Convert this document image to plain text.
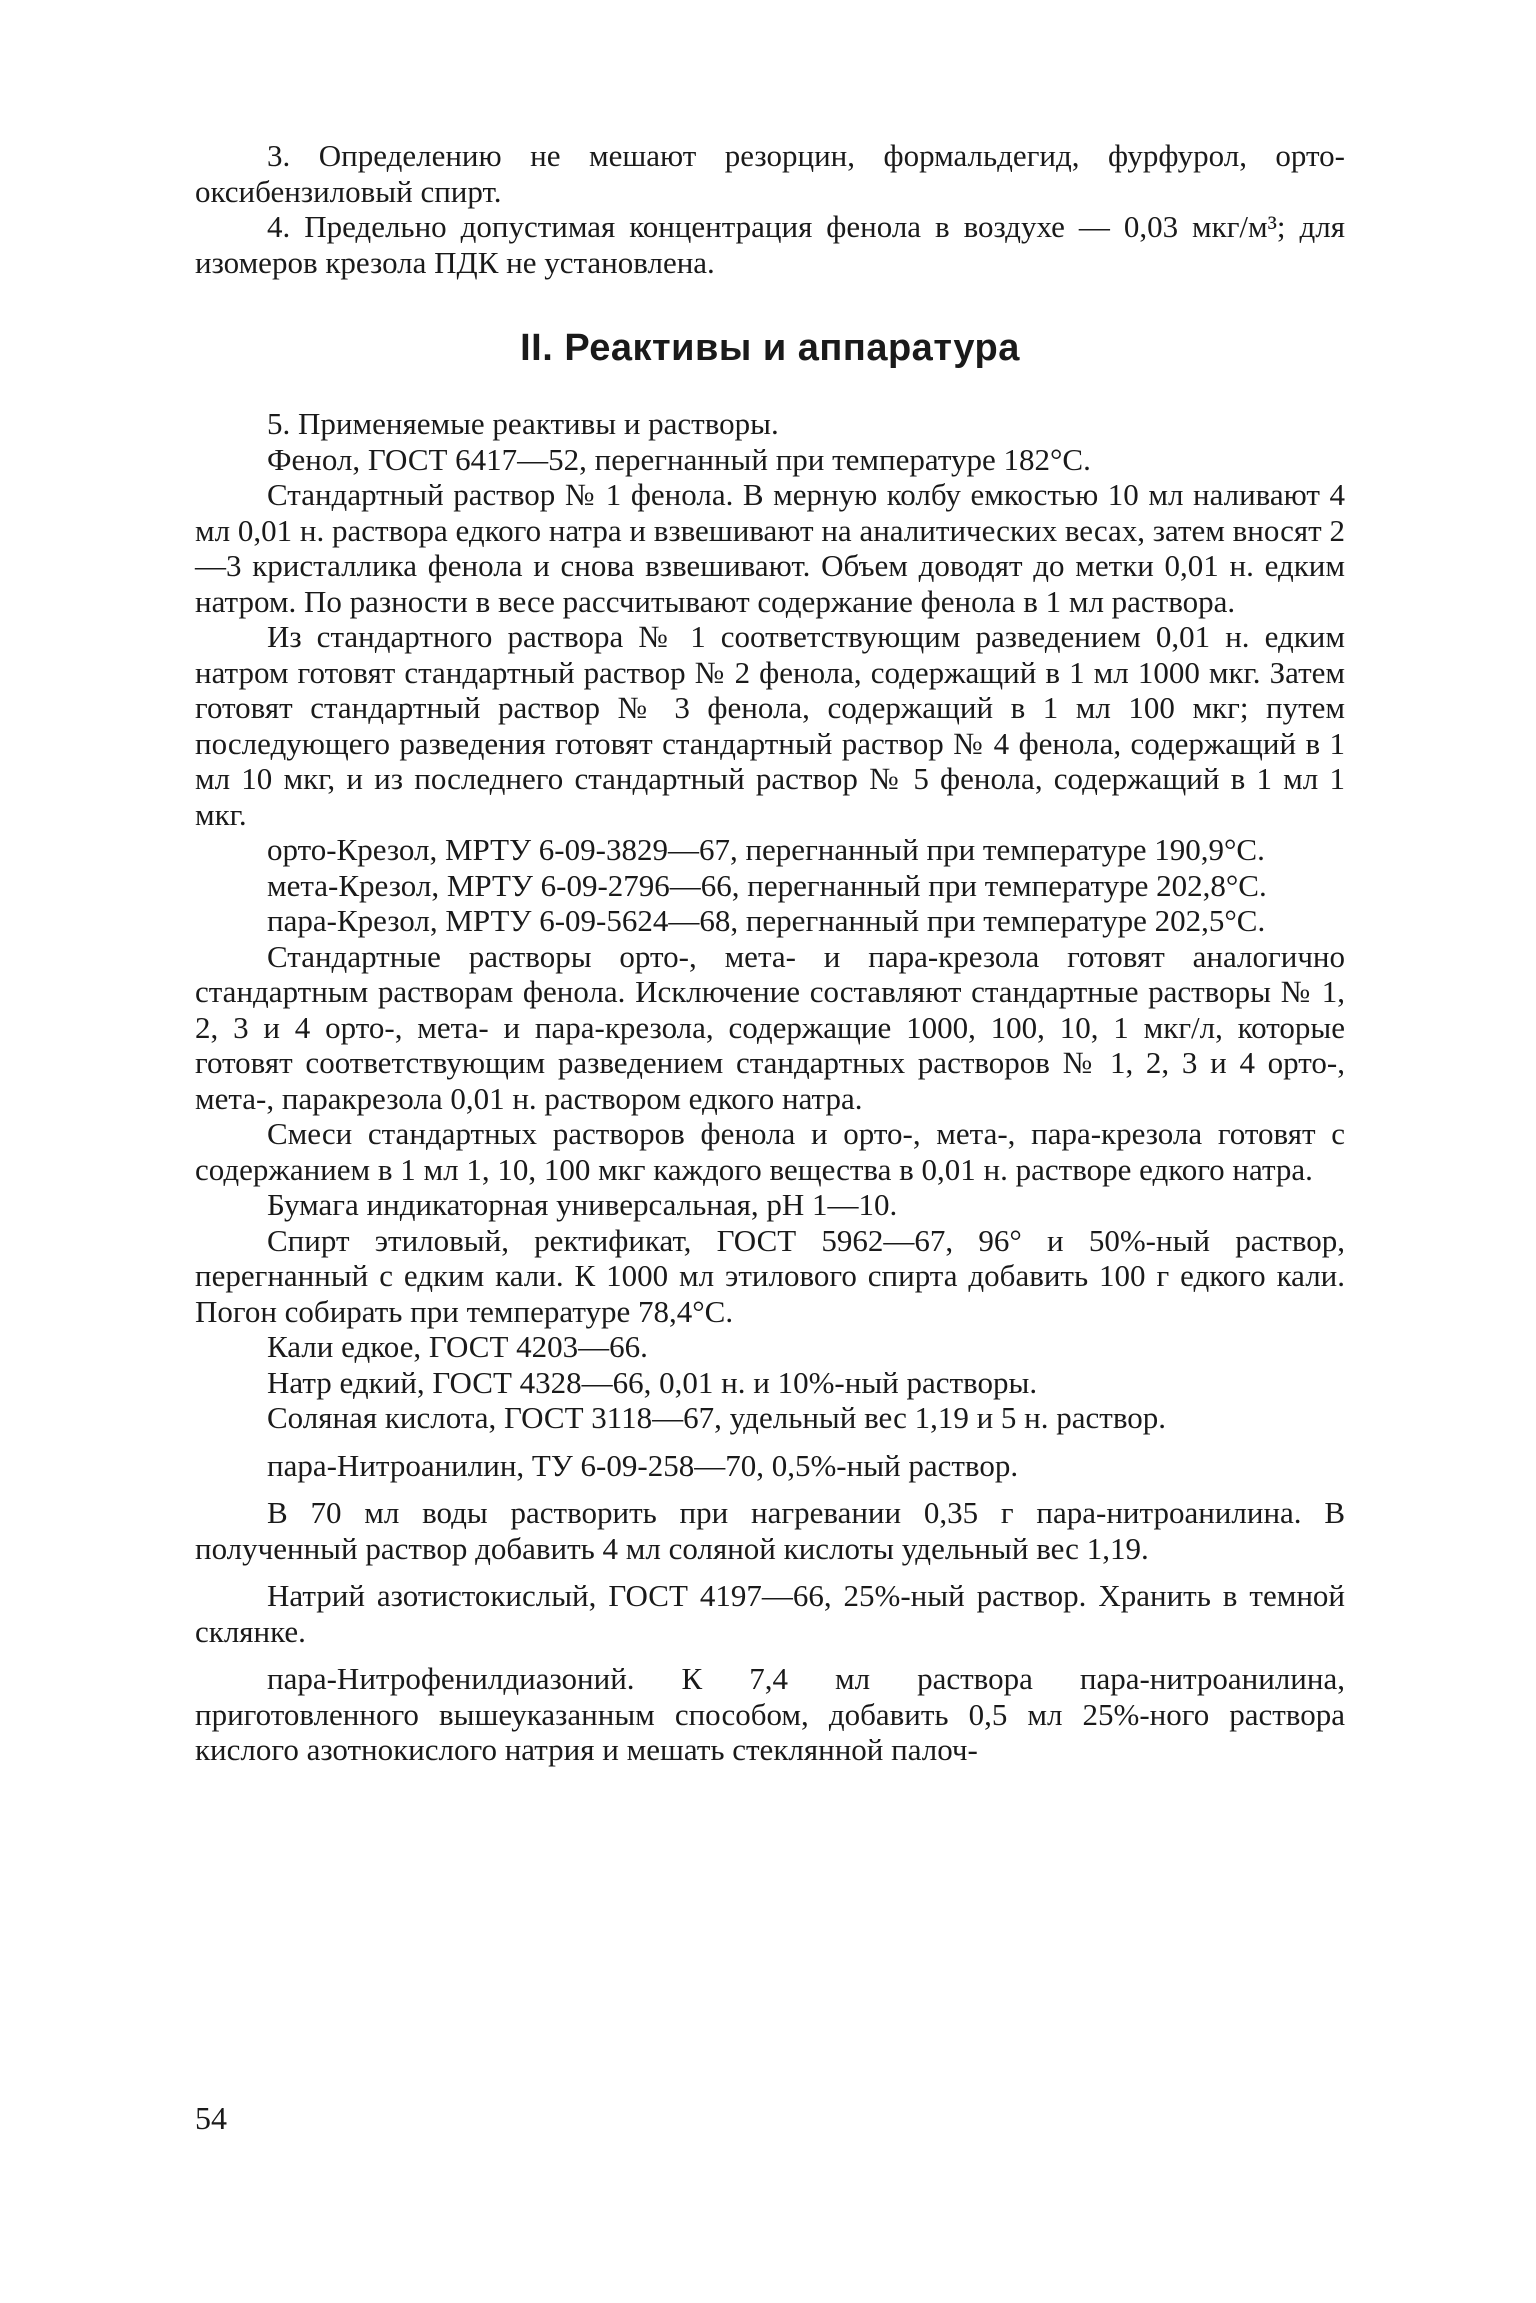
3. Определению не мешают резорцин, формальдегид, фурфурол, орто-оксибензиловый спирт.

4. Предельно допустимая концентрация фенола в воздухе — 0,03 мкг/м³; для изомеров крезола ПДК не установлена.

II. Реактивы и аппаратура

5. Применяемые реактивы и растворы.

Фенол, ГОСТ 6417—52, перегнанный при температуре 182°С.

Стандартный раствор № 1 фенола. В мерную колбу емкостью 10 мл наливают 4 мл 0,01 н. раствора едкого натра и взвешивают на аналитических весах, затем вносят 2—3 кристаллика фенола и снова взвешивают. Объем доводят до метки 0,01 н. едким натром. По разности в весе рассчитывают содержание фенола в 1 мл раствора.

Из стандартного раствора № 1 соответствующим разведением 0,01 н. едким натром готовят стандартный раствор № 2 фенола, содержащий в 1 мл 1000 мкг. Затем готовят стандартный раствор № 3 фенола, содержащий в 1 мл 100 мкг; путем последующего разведения готовят стандартный раствор № 4 фенола, содержащий в 1 мл 10 мкг, и из последнего стандартный раствор № 5 фенола, содержащий в 1 мл 1 мкг.

орто-Крезол, МРТУ 6-09-3829—67, перегнанный при температуре 190,9°С.

мета-Крезол, МРТУ 6-09-2796—66, перегнанный при температуре 202,8°С.

пара-Крезол, МРТУ 6-09-5624—68, перегнанный при температуре 202,5°С.

Стандартные растворы орто-, мета- и пара-крезола готовят аналогично стандартным растворам фенола. Исключение составляют стандартные растворы № 1, 2, 3 и 4 орто-, мета- и пара-крезола, содержащие 1000, 100, 10, 1 мкг/л, которые готовят соответствующим разведением стандартных растворов № 1, 2, 3 и 4 орто-, мета-, паракрезола 0,01 н. раствором едкого натра.

Смеси стандартных растворов фенола и орто-, мета-, пара-крезола готовят с содержанием в 1 мл 1, 10, 100 мкг каждого вещества в 0,01 н. растворе едкого натра.

Бумага индикаторная универсальная, рН 1—10.

Спирт этиловый, ректификат, ГОСТ 5962—67, 96° и 50%-ный раствор, перегнанный с едким кали. К 1000 мл этилового спирта добавить 100 г едкого кали. Погон собирать при температуре 78,4°С.

Кали едкое, ГОСТ 4203—66.

Натр едкий, ГОСТ 4328—66, 0,01 н. и 10%-ный растворы.

Соляная кислота, ГОСТ 3118—67, удельный вес 1,19 и 5 н. раствор.

пара-Нитроанилин, ТУ 6-09-258—70, 0,5%-ный раствор.

В 70 мл воды растворить при нагревании 0,35 г пара-нитроанилина. В полученный раствор добавить 4 мл соляной кислоты удельный вес 1,19.

Натрий азотистокислый, ГОСТ 4197—66, 25%-ный раствор. Хранить в темной склянке.

пара-Нитрофенилдиазоний. К 7,4 мл раствора пара-нитроанилина, приготовленного вышеуказанным способом, добавить 0,5 мл 25%-ного раствора кислого азотнокислого натрия и мешать стеклянной палоч-

54
